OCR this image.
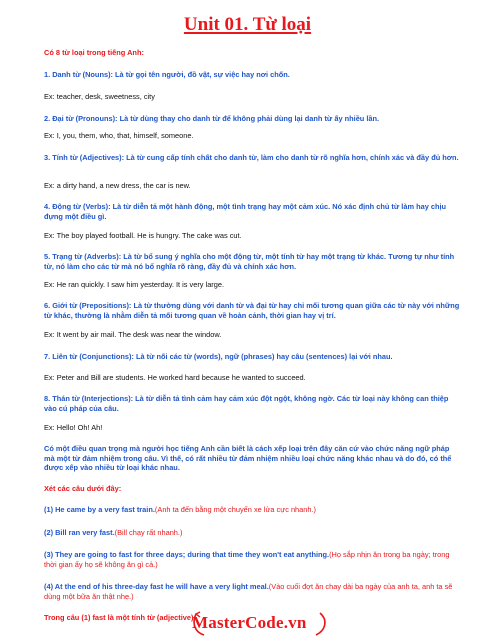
Unit 01. Từ loại

Có 8 từ loại trong tiếng Anh:

1. Danh từ (Nouns): Là từ gọi tên người, đồ vật, sự việc hay nơi chốn.

Ex: teacher, desk, sweetness, city

2. Đại từ (Pronouns): Là từ dùng thay cho danh từ để không phải dùng lại danh từ ấy nhiều lần.

Ex: I, you, them, who, that, himself, someone.

3. Tính từ (Adjectives): Là từ cung cấp tính chất cho danh từ, làm cho danh từ rõ nghĩa hơn, chính xác và đầy đủ hơn.

Ex: a dirty hand, a new dress, the car is new.

4. Động từ (Verbs): Là từ diễn tả một hành động, một tình trạng hay một cảm xúc. Nó xác định chủ từ làm hay chịu đựng một điều gì.

Ex: The boy played football. He is hungry. The cake was cut.

5. Trạng từ (Adverbs): Là từ bổ sung ý nghĩa cho một động từ, một tính từ hay một trạng từ khác. Tương tự như tính từ, nó làm cho các từ mà nó bổ nghĩa rõ ràng, đầy đủ và chính xác hơn.

Ex: He ran quickly. I saw him yesterday. It is very large.

6. Giới từ (Prepositions): Là từ thường dùng với danh từ và đại từ hay chỉ mối tương quan giữa các từ này với những từ khác, thường là nhằm diễn tả mối tương quan về hoàn cảnh, thời gian hay vị trí.

Ex: It went by air mail. The desk was near the window.

7. Liên từ (Conjunctions): Là từ nối các từ (words), ngữ (phrases) hay câu (sentences) lại với nhau.

Ex: Peter and Bill are students. He worked hard because he wanted to succeed.

8. Thán từ (Interjections): Là từ diễn tả tình cảm hay cảm xúc đột ngột, không ngờ. Các từ loại này không can thiệp vào cú pháp của câu.

Ex: Hello! Oh! Ah!

Có một điều quan trọng mà người học tiếng Anh cần biết là cách xếp loại trên đây căn cứ vào chức năng ngữ pháp mà một từ đảm nhiệm trong câu. Vì thế, có rất nhiều từ đảm nhiệm nhiều loại chức năng khác nhau và do đó, có thể được xếp vào nhiều từ loại khác nhau.

Xét các câu dưới đây:

(1) He came by a very fast train.(Anh ta đến bằng một chuyến xe lửa cực nhanh.)

(2) Bill ran very fast.(Bill chạy rất nhanh.)

(3) They are going to fast for three days; during that time they won't eat anything.(Họ sắp nhịn ăn trong ba ngày; trong thời gian ấy họ sẽ không ăn gì cả.)

(4) At the end of his three-day fast he will have a very light meal.(Vào cuối đợt ăn chay dài ba ngày của anh ta, anh ta sẽ dùng một bữa ăn thật nhẹ.)

Trong câu (1) fast là một tính từ (adjective).

MasterCode.vn
